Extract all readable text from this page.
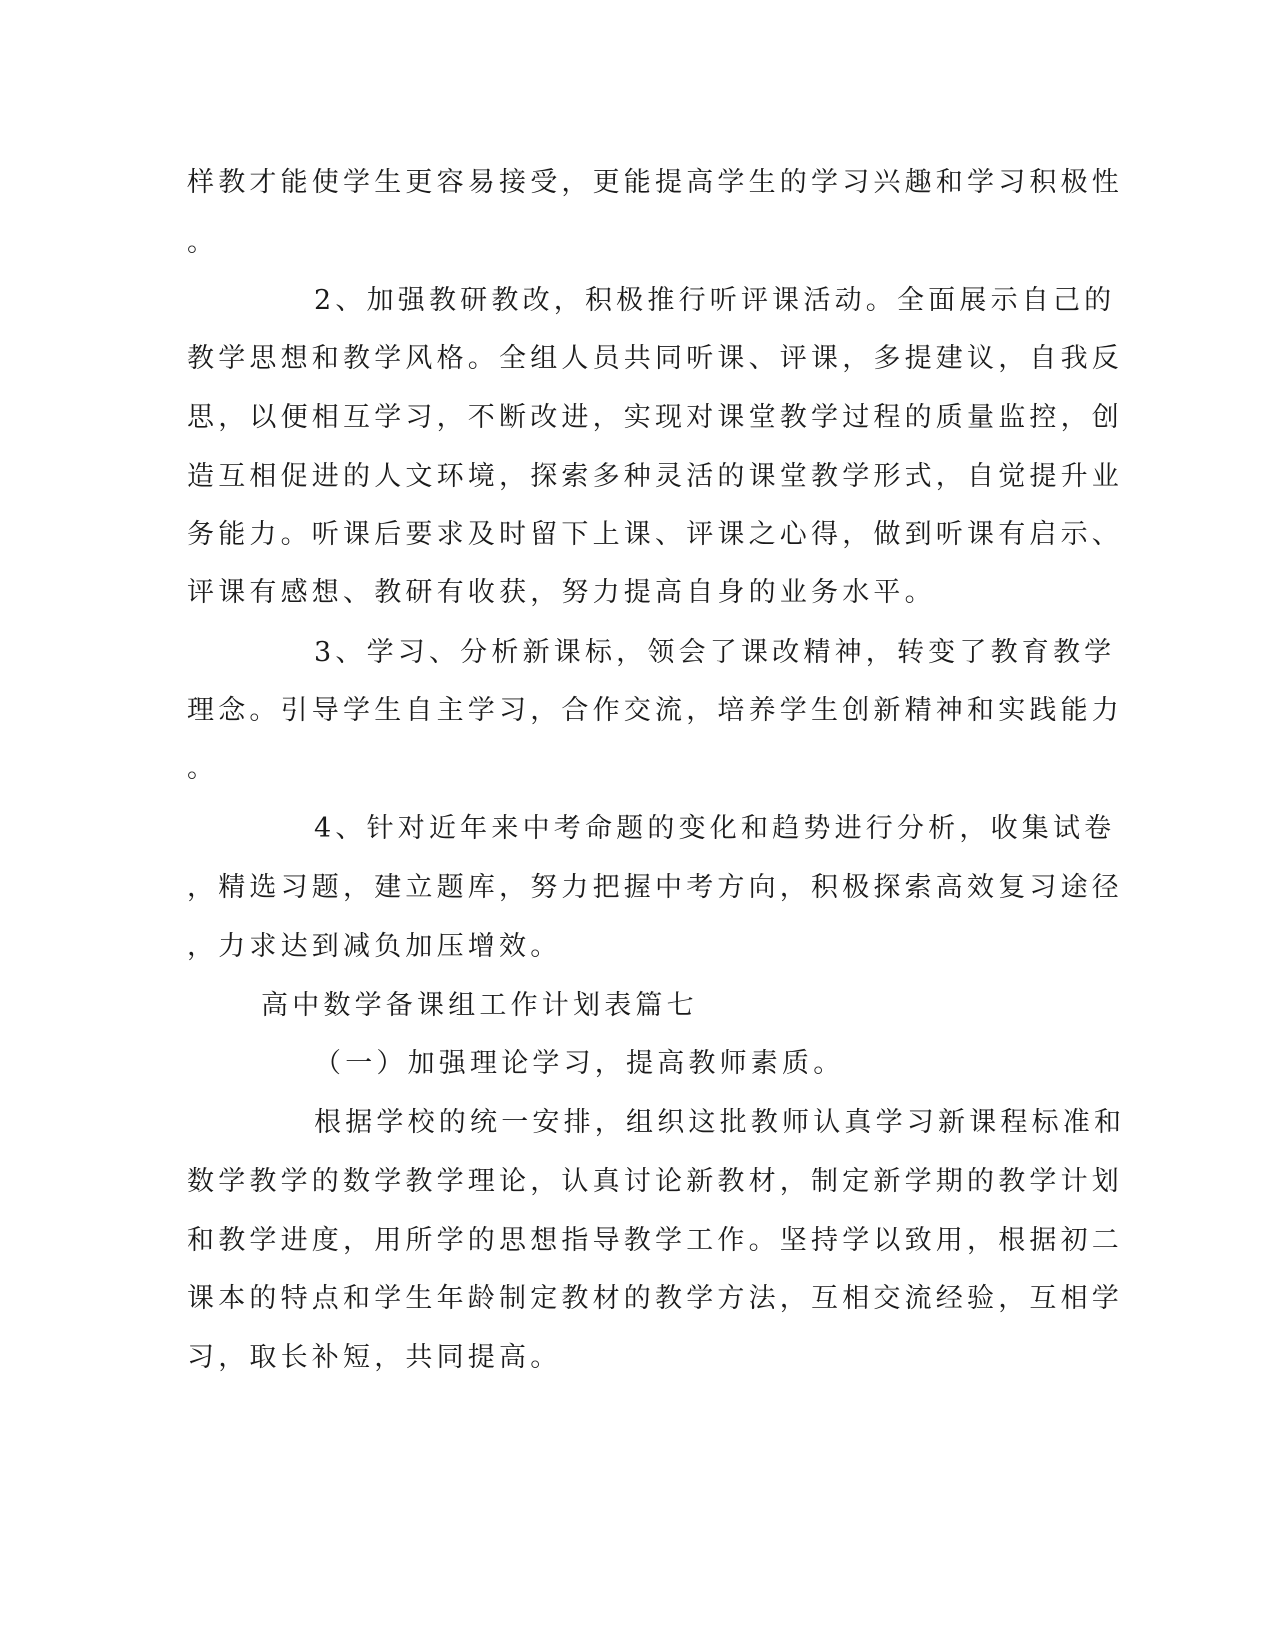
样教才能使学生更容易接受，更能提高学生的学习兴趣和学习积极性
。
2、加强教研教改，积极推行听评课活动。全面展示自己的
教学思想和教学风格。全组人员共同听课、评课，多提建议，自我反
思，以便相互学习，不断改进，实现对课堂教学过程的质量监控，创
造互相促进的人文环境，探索多种灵活的课堂教学形式，自觉提升业
务能力。听课后要求及时留下上课、评课之心得，做到听课有启示、
评课有感想、教研有收获，努力提高自身的业务水平。
3、学习、分析新课标，领会了课改精神，转变了教育教学
理念。引导学生自主学习，合作交流，培养学生创新精神和实践能力
。
4、针对近年来中考命题的变化和趋势进行分析，收集试卷
，精选习题，建立题库，努力把握中考方向，积极探索高效复习途径
，力求达到减负加压增效。
高中数学备课组工作计划表篇七
（一）加强理论学习，提高教师素质。
根据学校的统一安排，组织这批教师认真学习新课程标准和
数学教学的数学教学理论，认真讨论新教材，制定新学期的教学计划
和教学进度，用所学的思想指导教学工作。坚持学以致用，根据初二
课本的特点和学生年龄制定教材的教学方法，互相交流经验，互相学
习，取长补短，共同提高。
